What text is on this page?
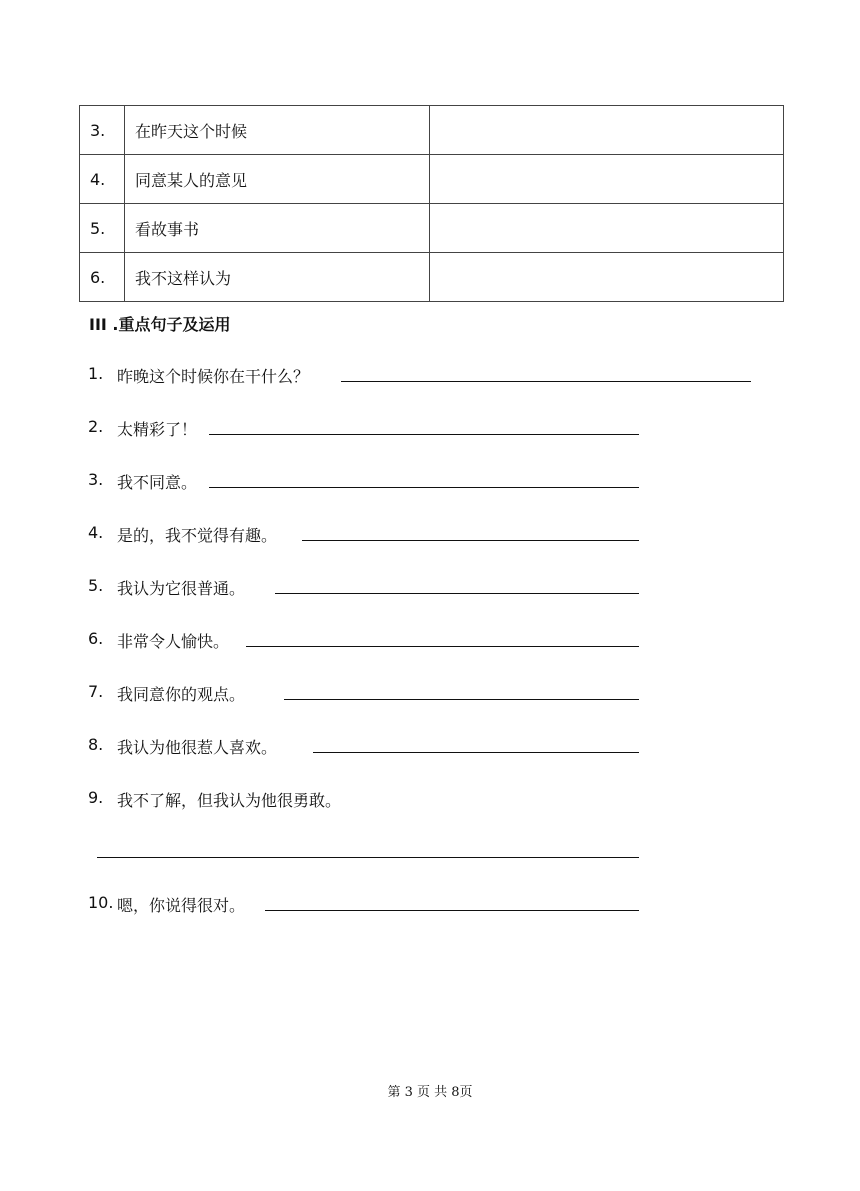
3.	在昨天这个时候	
4.	同意某人的意见	
5.	看故事书	
6.	我不这样认为	
III .重点句子及运用
1. 昨晚这个时候你在干什么？
2. 太精彩了！
3. 我不同意。
4. 是的，我不觉得有趣。
5. 我认为它很普通。
6. 非常令人愉快。
7. 我同意你的观点。
8. 我认为他很惹人喜欢。
9. 我不了解，但我认为他很勇敢。
10. 嗯，你说得很对。
第 3 页 共 8页
